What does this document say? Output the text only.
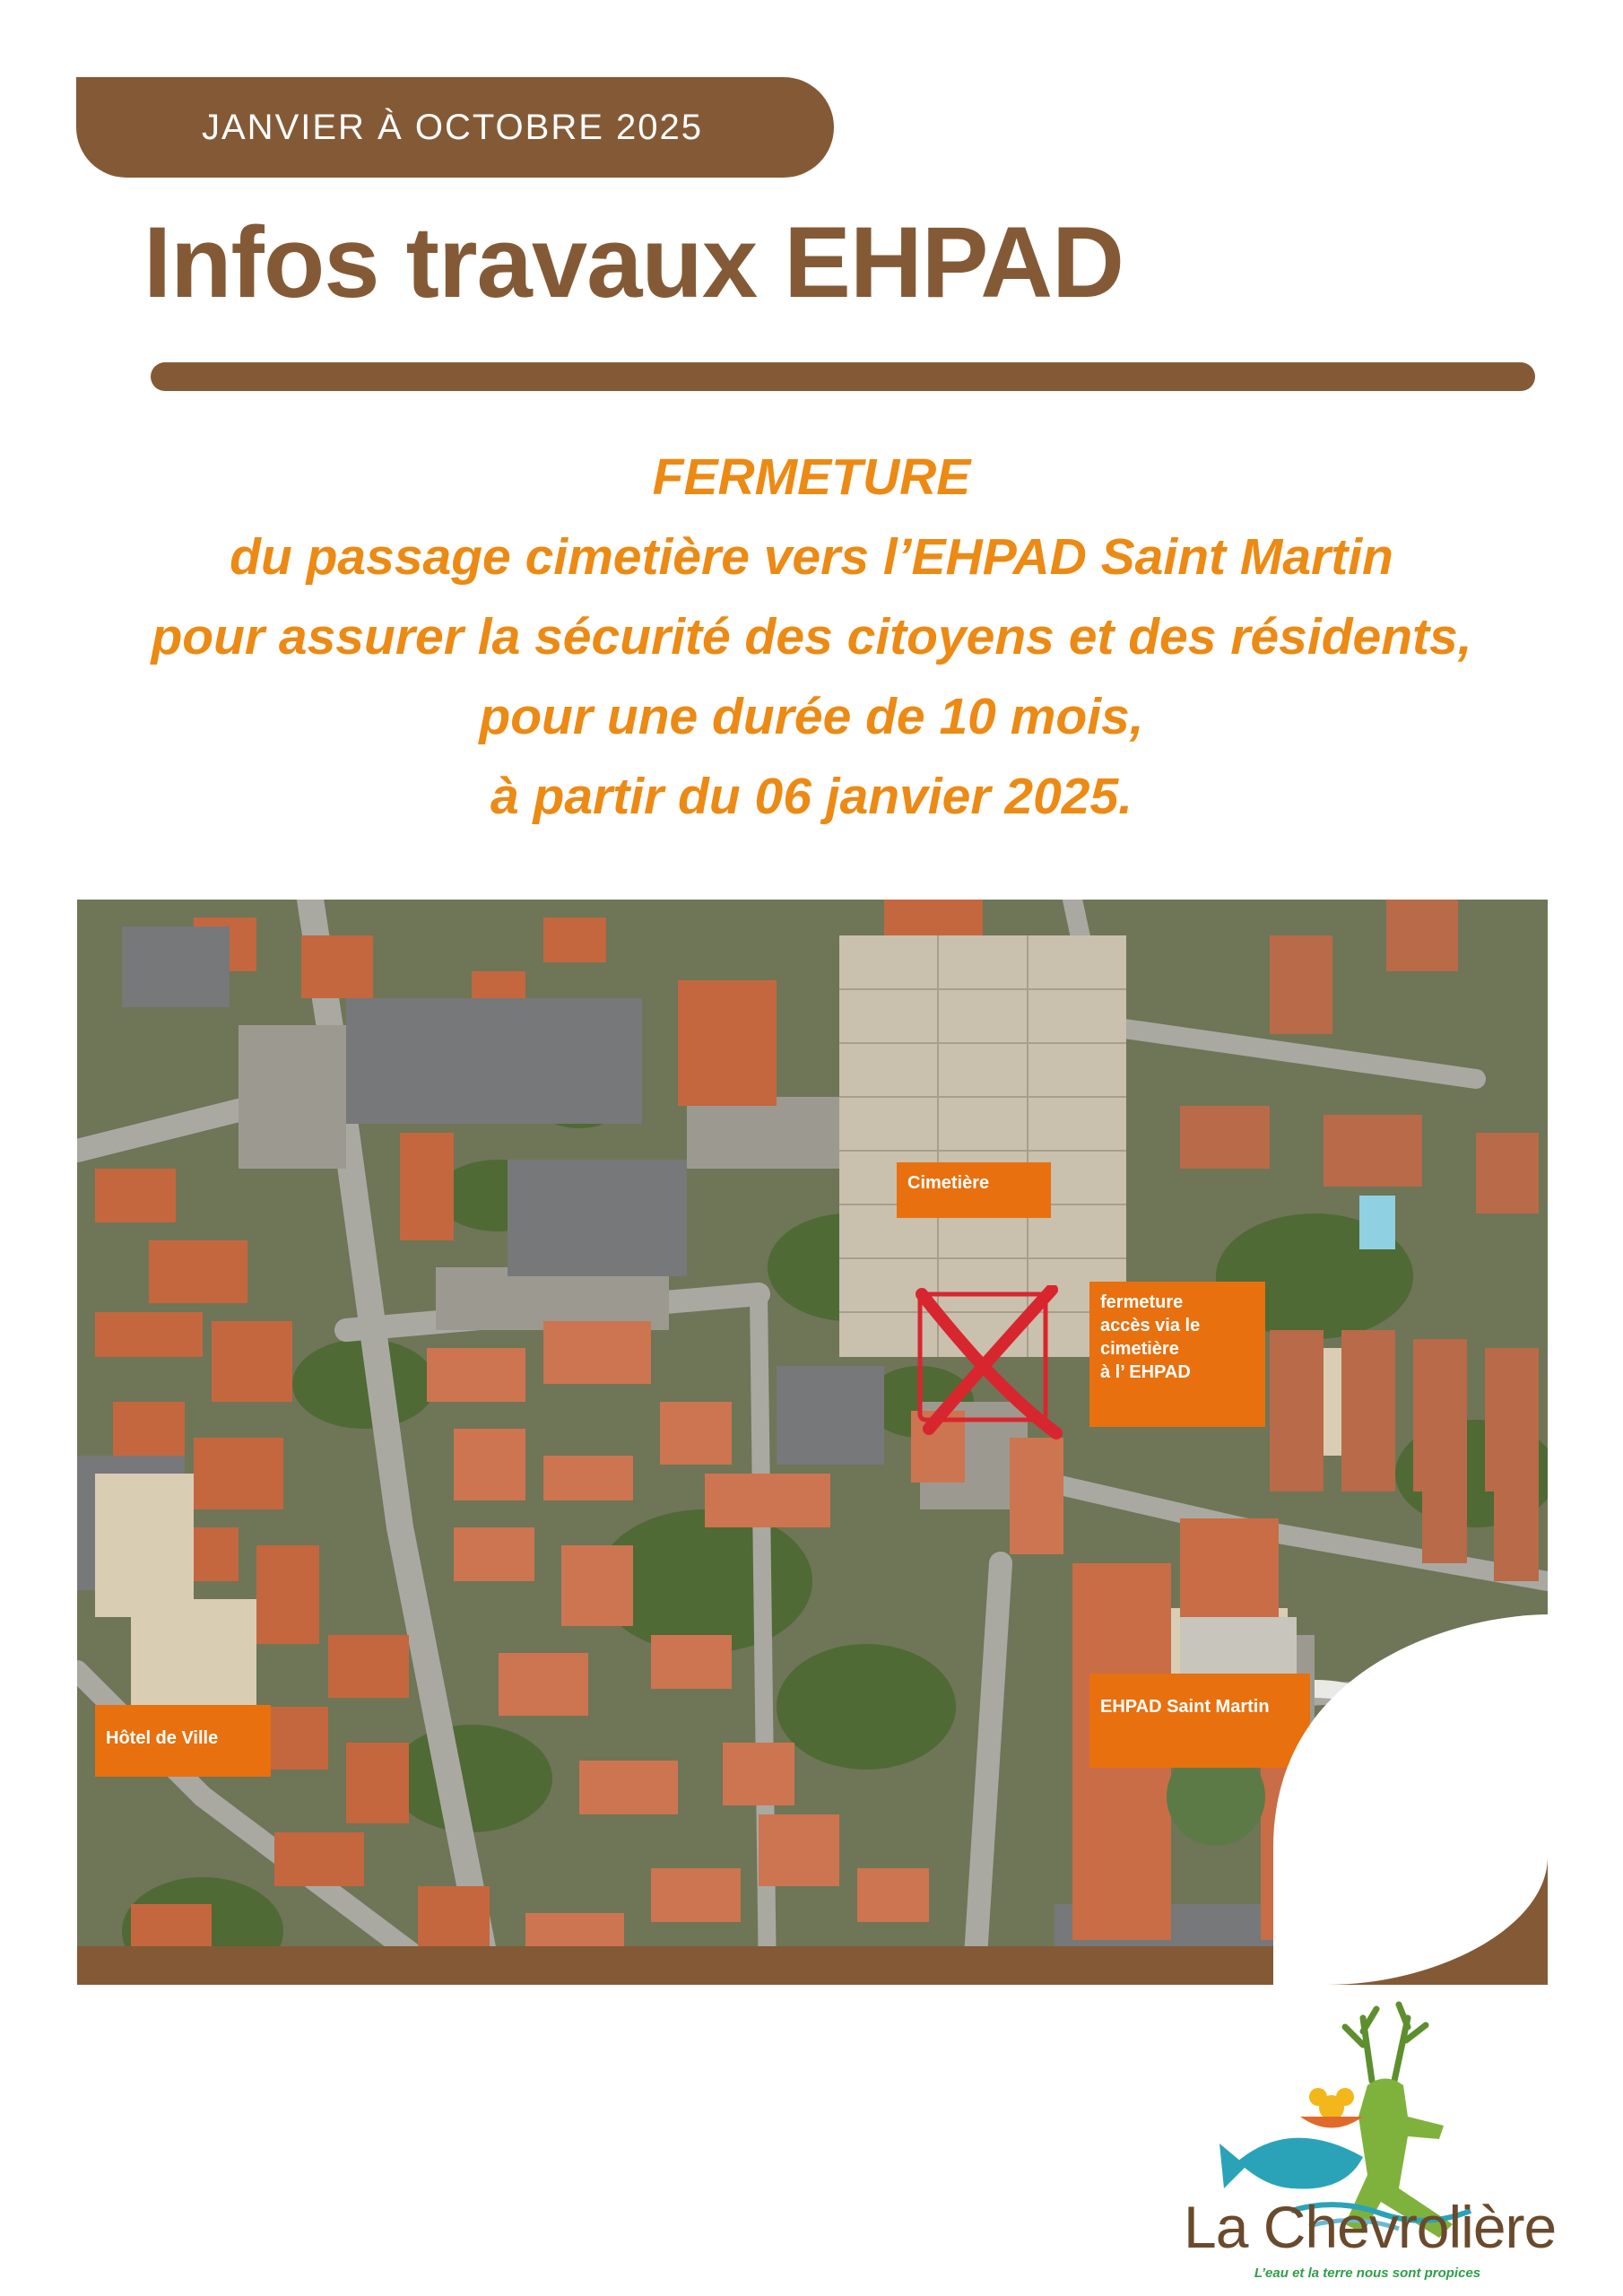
JANVIER À OCTOBRE 2025
Infos travaux EHPAD
FERMETURE
du passage cimetière vers l’EHPAD Saint Martin
pour assurer la sécurité des citoyens et des résidents,
pour une durée de 10 mois,
à partir du 06 janvier 2025.
Cimetière
fermeture
accès via le
cimetière
à l’ EHPAD
Hôtel de Ville
EHPAD Saint Martin
La Chevrolière
L’eau et la terre nous sont propices
